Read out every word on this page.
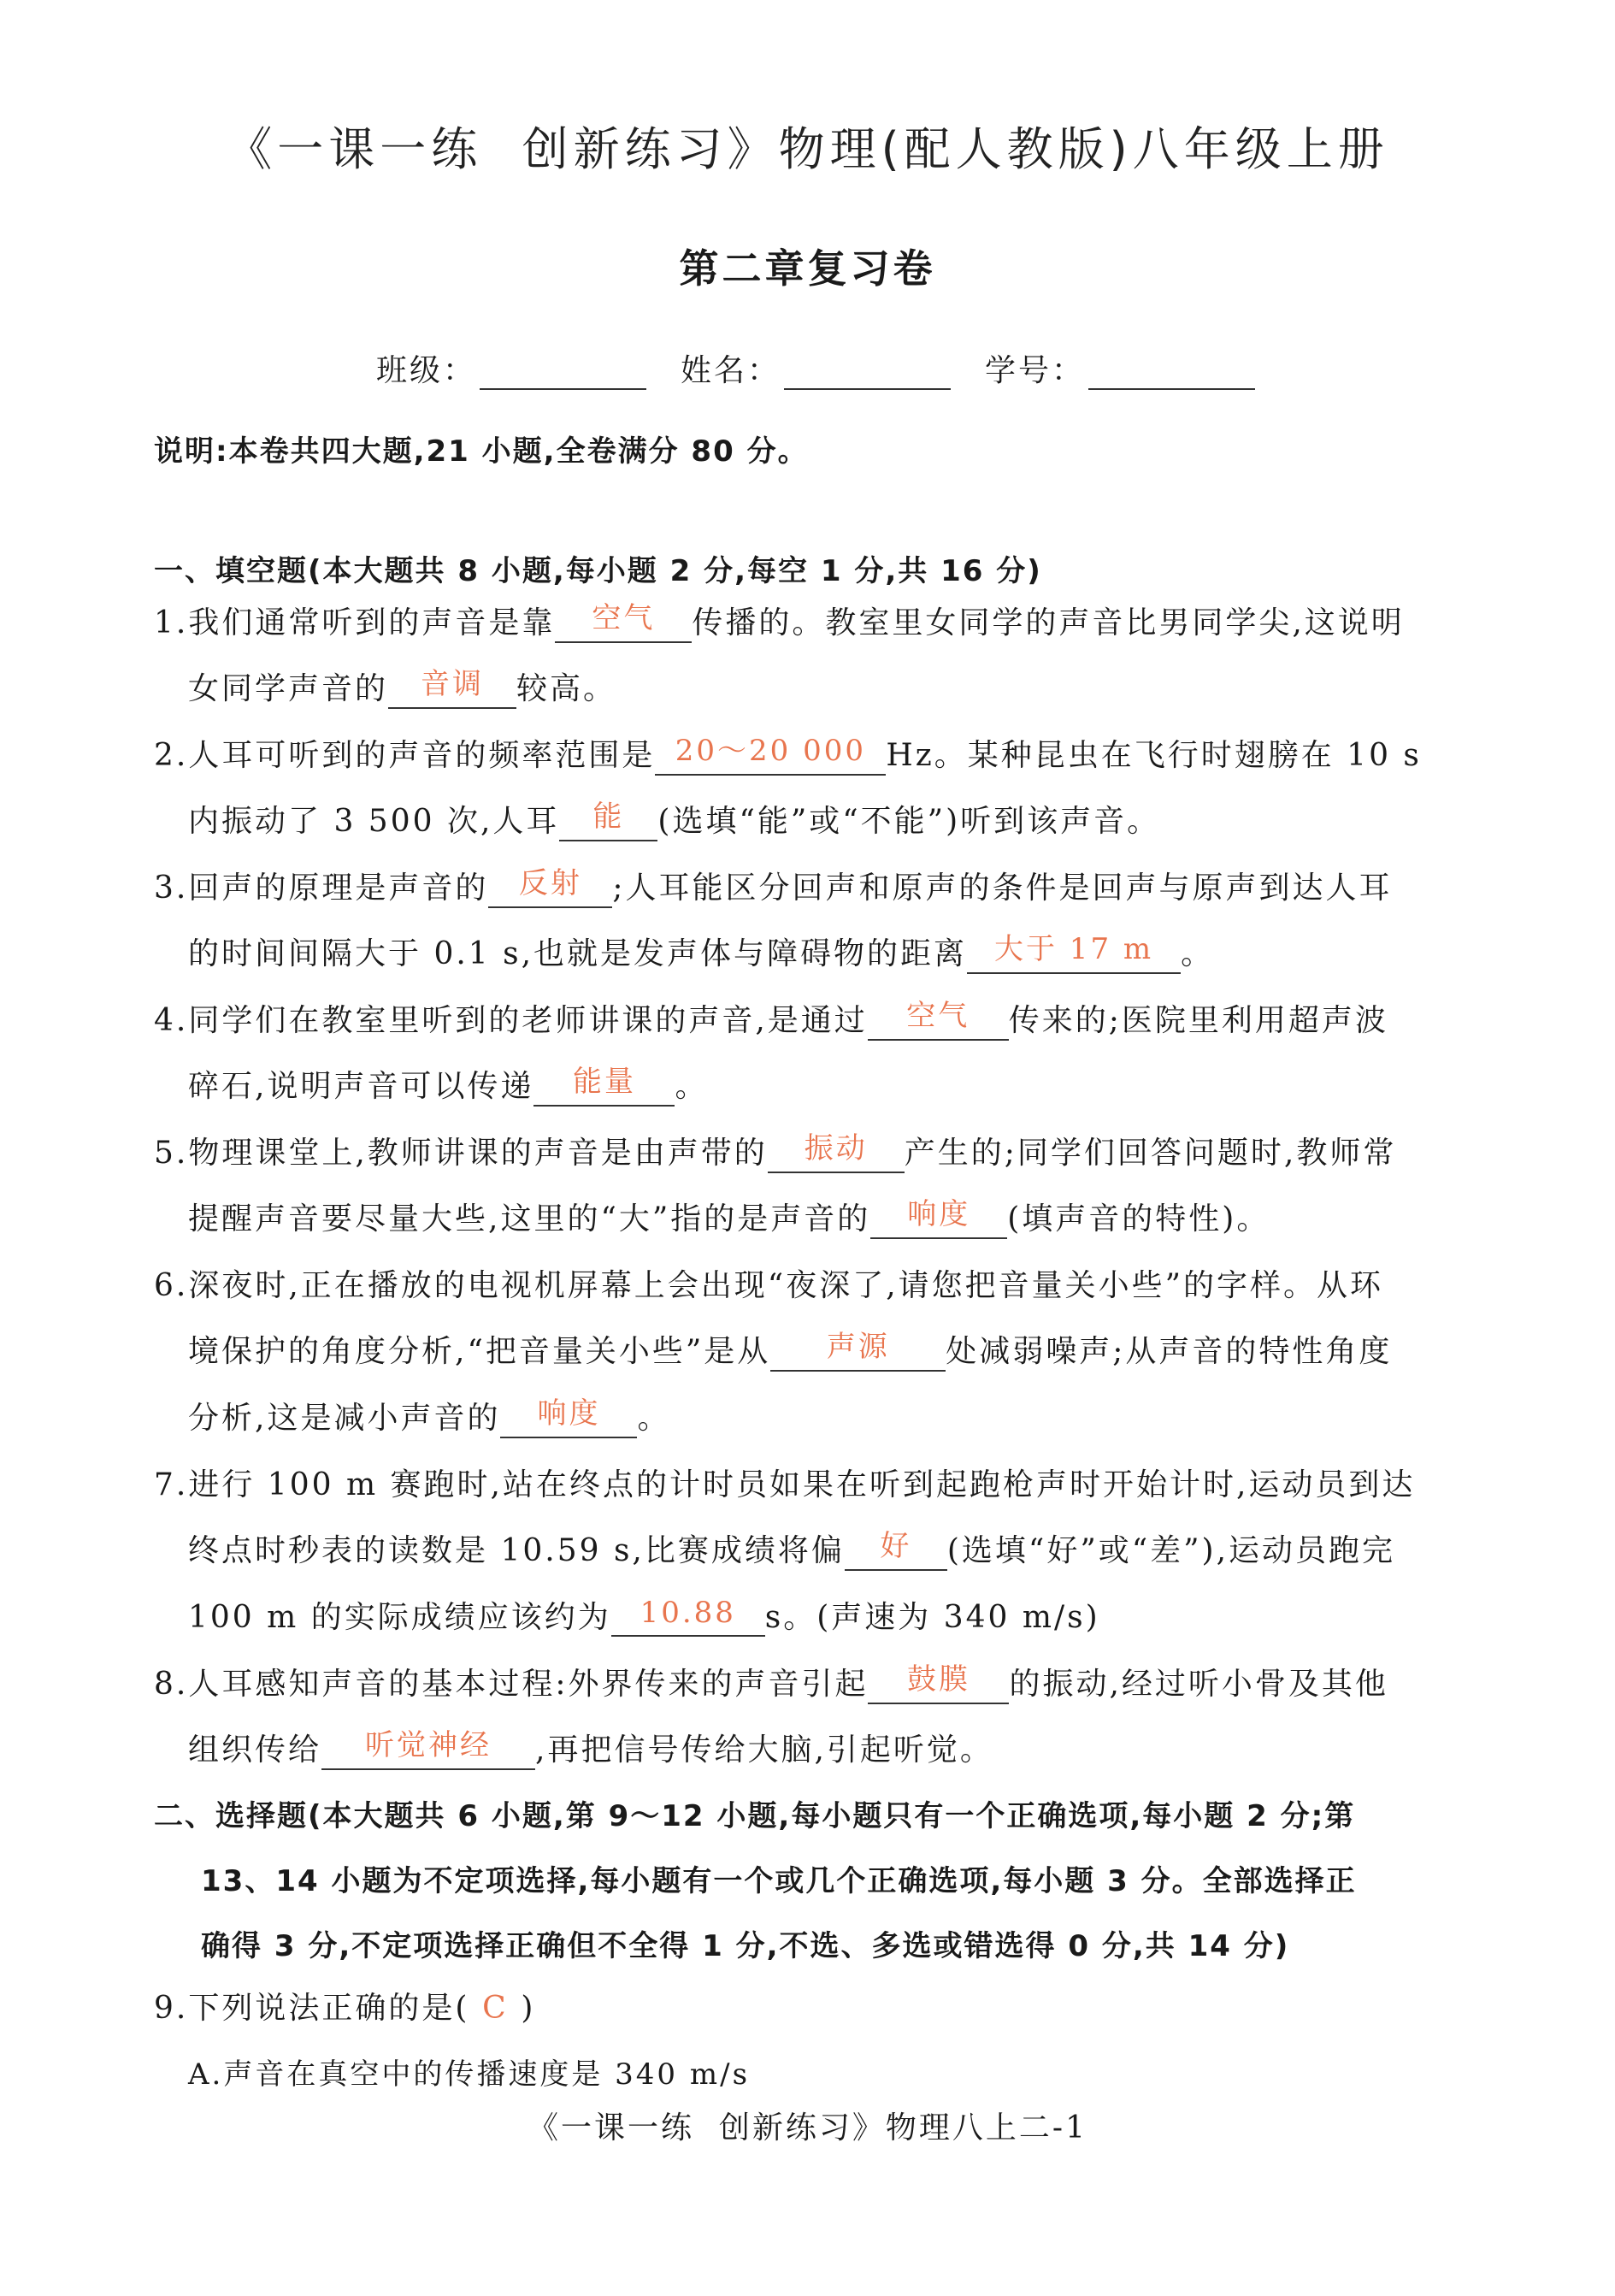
《一课一练  创新练习》物理(配人教版)八年级上册
第二章复习卷
班级：	姓名：	学号：
说明:本卷共四大题,21 小题,全卷满分 80 分。
一、填空题(本大题共 8 小题,每小题 2 分,每空 1 分,共 16 分)
1.我们通常听到的声音是靠 空气 传播的。教室里女同学的声音比男同学尖,这说明
女同学声音的 音调 较高。
2.人耳可听到的声音的频率范围是 20～20 000 Hz。某种昆虫在飞行时翅膀在 10 s
内振动了 3 500 次,人耳 能 (选填“能”或“不能”)听到该声音。
3.回声的原理是声音的 反射 ;人耳能区分回声和原声的条件是回声与原声到达人耳
的时间间隔大于 0.1 s,也就是发声体与障碍物的距离 大于 17 m 。
4.同学们在教室里听到的老师讲课的声音,是通过 空气 传来的;医院里利用超声波
碎石,说明声音可以传递 能量 。
5.物理课堂上,教师讲课的声音是由声带的 振动 产生的;同学们回答问题时,教师常
提醒声音要尽量大些,这里的“大”指的是声音的 响度 (填声音的特性)。
6.深夜时,正在播放的电视机屏幕上会出现“夜深了,请您把音量关小些”的字样。从环
境保护的角度分析,“把音量关小些”是从 声源 处减弱噪声;从声音的特性角度
分析,这是减小声音的 响度 。
7.进行 100 m 赛跑时,站在终点的计时员如果在听到起跑枪声时开始计时,运动员到达
终点时秒表的读数是 10.59 s,比赛成绩将偏 好 (选填“好”或“差”),运动员跑完
100 m 的实际成绩应该约为 10.88 s。(声速为 340 m/s)
8.人耳感知声音的基本过程:外界传来的声音引起 鼓膜 的振动,经过听小骨及其他
组织传给 听觉神经 ,再把信号传给大脑,引起听觉。
二、选择题(本大题共 6 小题,第 9～12 小题,每小题只有一个正确选项,每小题 2 分;第
13、14 小题为不定项选择,每小题有一个或几个正确选项,每小题 3 分。全部选择正
确得 3 分,不定项选择正确但不全得 1 分,不选、多选或错选得 0 分,共 14 分)
9.下列说法正确的是( C )
A.声音在真空中的传播速度是 340 m/s
《一课一练  创新练习》物理八上二-1
